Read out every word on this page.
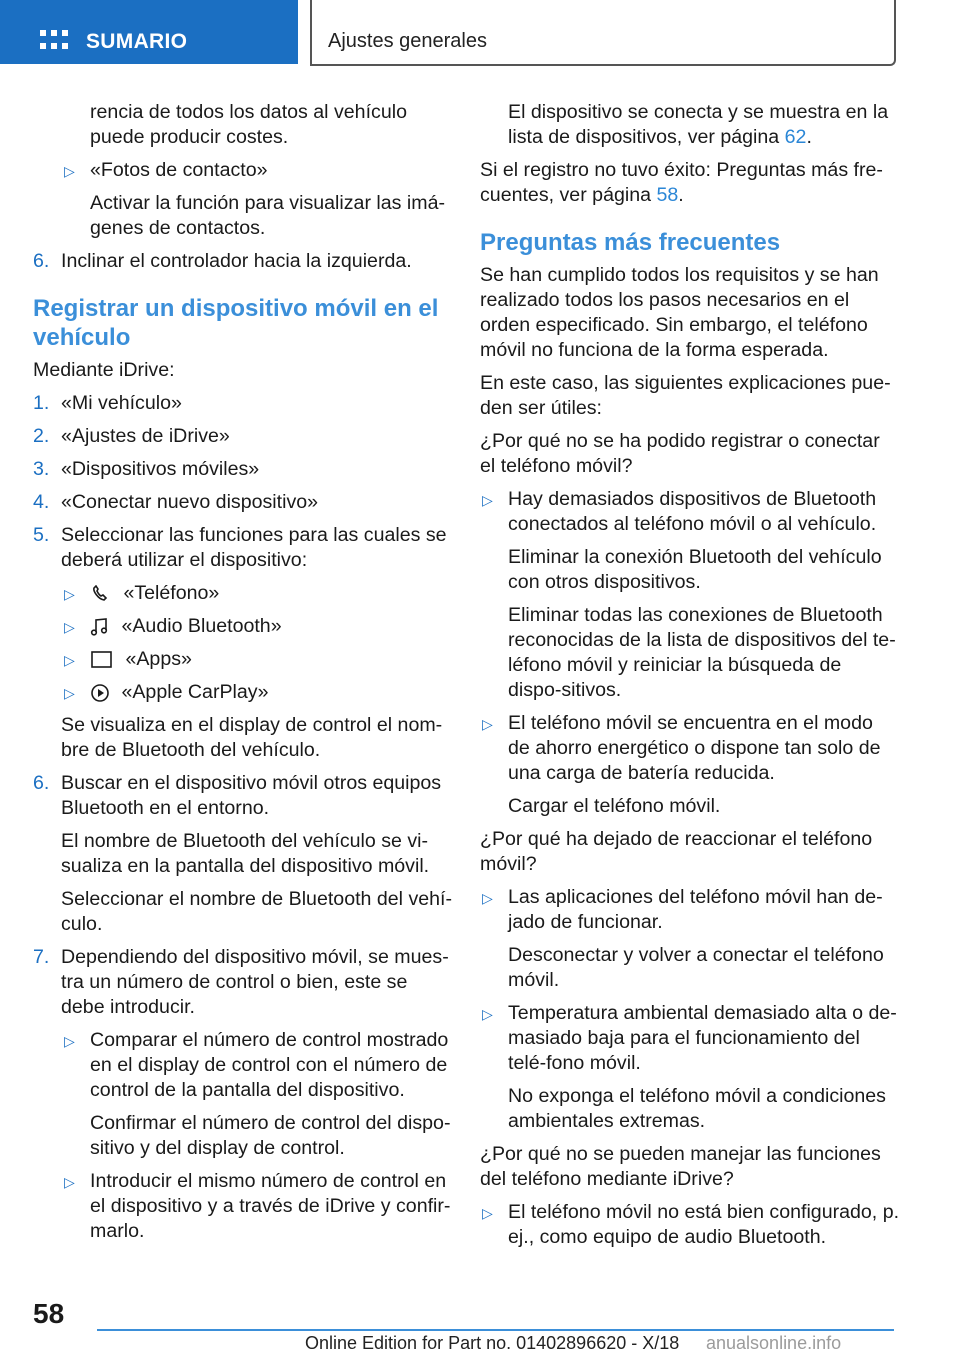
SUMARIO	Ajustes generales
rencia de todos los datos al vehículo puede producir costes.
▷ «Fotos de contacto»
Activar la función para visualizar las imá-genes de contactos.
6. Inclinar el controlador hacia la izquierda.
Registrar un dispositivo móvil en el vehículo
Mediante iDrive:
1. «Mi vehículo»
2. «Ajustes de iDrive»
3. «Dispositivos móviles»
4. «Conectar nuevo dispositivo»
5. Seleccionar las funciones para las cuales se deberá utilizar el dispositivo:
▷ «Teléfono»
▷ «Audio Bluetooth»
▷	«Apps»
▷ «Apple CarPlay»
Se visualiza en el display de control el nom-bre de Bluetooth del vehículo.
6. Buscar en el dispositivo móvil otros equipos Bluetooth en el entorno.
El nombre de Bluetooth del vehículo se vi-sualiza en la pantalla del dispositivo móvil.
Seleccionar el nombre de Bluetooth del vehí-culo.
7. Dependiendo del dispositivo móvil, se mues-tra un número de control o bien, este se debe introducir.
▷ Comparar el número de control mostrado en el display de control con el número de control de la pantalla del dispositivo.
Confirmar el número de control del dispo-sitivo y del display de control.
▷ Introducir el mismo número de control en el dispositivo y a través de iDrive y confir-marlo.
El dispositivo se conecta y se muestra en la lista de dispositivos, ver página 62.
Si el registro no tuvo éxito: Preguntas más fre-cuentes, ver página 58.
Preguntas más frecuentes
Se han cumplido todos los requisitos y se han realizado todos los pasos necesarios en el orden especificado. Sin embargo, el teléfono móvil no funciona de la forma esperada.
En este caso, las siguientes explicaciones pue-den ser útiles:
¿Por qué no se ha podido registrar o conectar el teléfono móvil?
▷ Hay demasiados dispositivos de Bluetooth conectados al teléfono móvil o al vehículo.
Eliminar la conexión Bluetooth del vehículo con otros dispositivos.
Eliminar todas las conexiones de Bluetooth reconocidas de la lista de dispositivos del te-léfono móvil y reiniciar la búsqueda de dispo-sitivos.
▷ El teléfono móvil se encuentra en el modo de ahorro energético o dispone tan solo de una carga de batería reducida.
Cargar el teléfono móvil.
¿Por qué ha dejado de reaccionar el teléfono móvil?
▷ Las aplicaciones del teléfono móvil han de-jado de funcionar.
Desconectar y volver a conectar el teléfono móvil.
▷ Temperatura ambiental demasiado alta o de-masiado baja para el funcionamiento del telé-fono móvil.
No exponga el teléfono móvil a condiciones ambientales extremas.
¿Por qué no se pueden manejar las funciones del teléfono mediante iDrive?
▷ El teléfono móvil no está bien configurado, p. ej., como equipo de audio Bluetooth.
58
Online Edition for Part no. 01402896620 - X/18 anualsonline.info
